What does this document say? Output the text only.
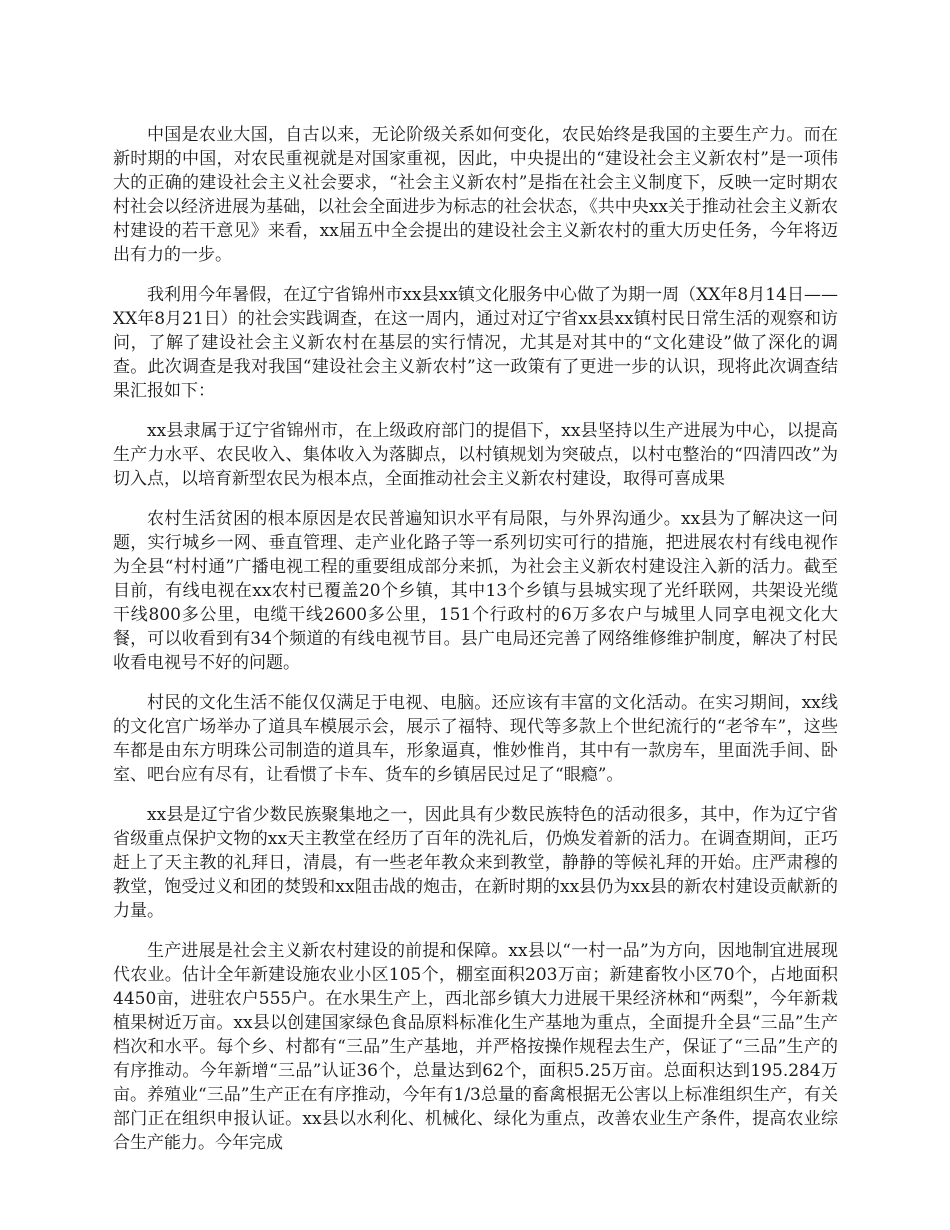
中国是农业大国，自古以来，无论阶级关系如何变化，农民始终是我国的主要生产力。而在新时期的中国，对农民重视就是对国家重视，因此，中央提出的“建设社会主义新农村”是一项伟大的正确的建设社会主义社会要求，“社会主义新农村”是指在社会主义制度下，反映一定时期农村社会以经济进展为基础，以社会全面进步为标志的社会状态，《共中央xx关于推动社会主义新农村建设的若干意见》来看，xx届五中全会提出的建设社会主义新农村的重大历史任务，今年将迈出有力的一步。

我利用今年暑假，在辽宁省锦州市xx县xx镇文化服务中心做了为期一周（XX年8月14日——XX年8月21日）的社会实践调查，在这一周内，通过对辽宁省xx县xx镇村民日常生活的观察和访问，了解了建设社会主义新农村在基层的实行情况，尤其是对其中的“文化建设”做了深化的调查。此次调查是我对我国“建设社会主义新农村”这一政策有了更进一步的认识，现将此次调查结果汇报如下：

xx县隶属于辽宁省锦州市，在上级政府部门的提倡下，xx县坚持以生产进展为中心，以提高生产力水平、农民收入、集体收入为落脚点，以村镇规划为突破点，以村屯整治的“四清四改”为切入点，以培育新型农民为根本点，全面推动社会主义新农村建设，取得可喜成果

农村生活贫困的根本原因是农民普遍知识水平有局限，与外界沟通少。xx县为了解决这一问题，实行城乡一网、垂直管理、走产业化路子等一系列切实可行的措施，把进展农村有线电视作为全县“村村通”广播电视工程的重要组成部分来抓，为社会主义新农村建设注入新的活力。截至目前，有线电视在xx农村已覆盖20个乡镇，其中13个乡镇与县城实现了光纤联网，共架设光缆干线800多公里，电缆干线2600多公里，151个行政村的6万多农户与城里人同享电视文化大餐，可以收看到有34个频道的有线电视节目。县广电局还完善了网络维修维护制度，解决了村民收看电视号不好的问题。

村民的文化生活不能仅仅满足于电视、电脑。还应该有丰富的文化活动。在实习期间，xx线的文化宫广场举办了道具车模展示会，展示了福特、现代等多款上个世纪流行的“老爷车”，这些车都是由东方明珠公司制造的道具车，形象逼真，惟妙惟肖，其中有一款房车，里面洗手间、卧室、吧台应有尽有，让看惯了卡车、货车的乡镇居民过足了“眼瘾”。

xx县是辽宁省少数民族聚集地之一，因此具有少数民族特色的活动很多，其中，作为辽宁省省级重点保护文物的xx天主教堂在经历了百年的洗礼后，仍焕发着新的活力。在调查期间，正巧赶上了天主教的礼拜日，清晨，有一些老年教众来到教堂，静静的等候礼拜的开始。庄严肃穆的教堂，饱受过义和团的焚毁和xx阻击战的炮击，在新时期的xx县仍为xx县的新农村建设贡献新的力量。

生产进展是社会主义新农村建设的前提和保障。xx县以“一村一品”为方向，因地制宜进展现代农业。估计全年新建设施农业小区105个，棚室面积203万亩；新建畜牧小区70个，占地面积4450亩，进驻农户555户。在水果生产上，西北部乡镇大力进展干果经济林和“两梨”，今年新栽植果树近万亩。xx县以创建国家绿色食品原料标准化生产基地为重点，全面提升全县“三品”生产档次和水平。每个乡、村都有“三品”生产基地，并严格按操作规程去生产，保证了“三品”生产的有序推动。今年新增“三品”认证36个，总量达到62个，面积5.25万亩。总面积达到195.284万亩。养殖业“三品”生产正在有序推动，今年有1/3总量的畜禽根据无公害以上标准组织生产，有关部门正在组织申报认证。xx县以水利化、机械化、绿化为重点，改善农业生产条件，提高农业综合生产能力。今年完成
